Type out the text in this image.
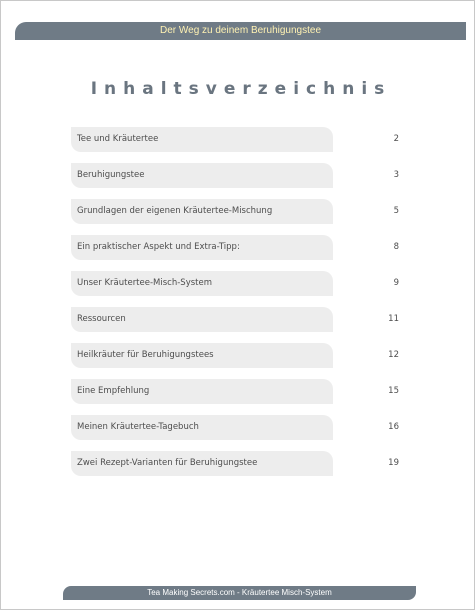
Der Weg zu deinem Beruhigungstee
Inhaltsverzeichnis
Tee und Kräutertee	2
Beruhigungstee	3
Grundlagen der eigenen Kräutertee-Mischung	5
Ein praktischer Aspekt und Extra-Tipp:	8
Unser Kräutertee-Misch-System	9
Ressourcen	11
Heilkräuter für Beruhigungstees	12
Eine Empfehlung	15
Meinen Kräutertee-Tagebuch	16
Zwei Rezept-Varianten für Beruhigungstee	19
Tea Making Secrets.com - Kräutertee Misch-System
